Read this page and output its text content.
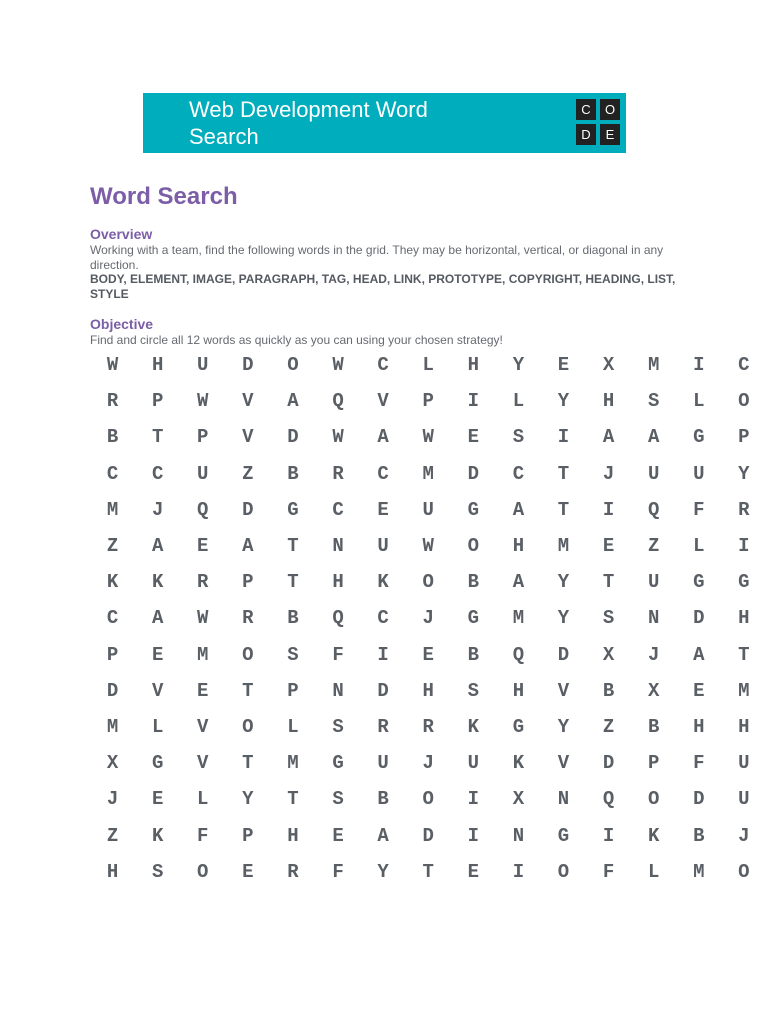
Web Development Word Search
C	O
D	E
Word Search
Overview
Working with a team, find the following words in the grid. They may be horizontal, vertical, or diagonal in any direction.
BODY, ELEMENT, IMAGE, PARAGRAPH, TAG, HEAD, LINK, PROTOTYPE, COPYRIGHT, HEADING, LIST, STYLE
Objective
Find and circle all 12 words as quickly as you can using your chosen strategy!
W	H	U	D	O	W	C	L	H	Y	E	X	M	I	C
R	P	W	V	A	Q	V	P	I	L	Y	H	S	L	O
B	T	P	V	D	W	A	W	E	S	I	A	A	G	P
C	C	U	Z	B	R	C	M	D	C	T	J	U	U	Y
M	J	Q	D	G	C	E	U	G	A	T	I	Q	F	R
Z	A	E	A	T	N	U	W	O	H	M	E	Z	L	I
K	K	R	P	T	H	K	O	B	A	Y	T	U	G	G
C	A	W	R	B	Q	C	J	G	M	Y	S	N	D	H
P	E	M	O	S	F	I	E	B	Q	D	X	J	A	T
D	V	E	T	P	N	D	H	S	H	V	B	X	E	M
M	L	V	O	L	S	R	R	K	G	Y	Z	B	H	H
X	G	V	T	M	G	U	J	U	K	V	D	P	F	U
J	E	L	Y	T	S	B	O	I	X	N	Q	O	D	U
Z	K	F	P	H	E	A	D	I	N	G	I	K	B	J
H	S	O	E	R	F	Y	T	E	I	O	F	L	M	O
